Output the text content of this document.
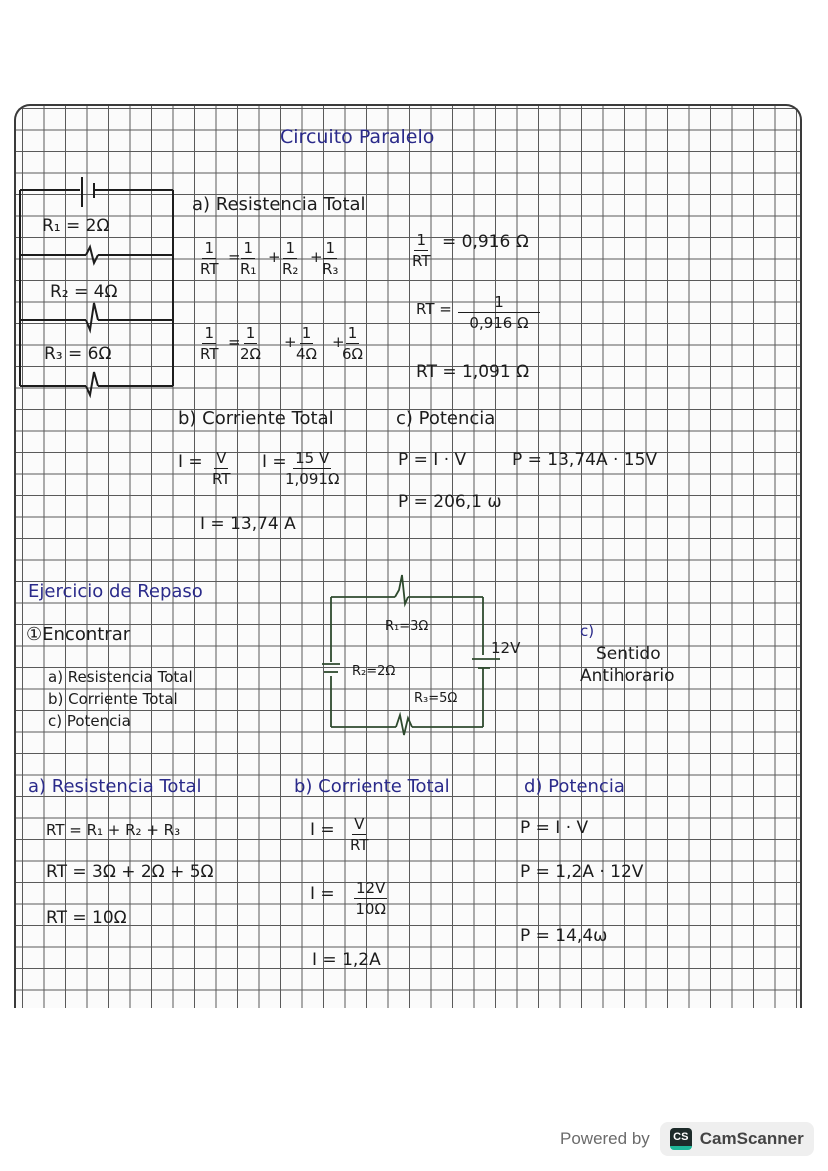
Circuito Paralelo
R₁ = 2Ω
R₂ = 4Ω
R₃ = 6Ω
a) Resistencia Total
$\frac{1}{RT} = \frac{1}{\text{R₁}} + \frac{1}{\text{R₂}} + \frac{1}{\text{R₃}}$
$\frac{1}{RT} = \frac{1}{2\Omega} + \frac{1}{4\Omega}$ +
$\frac{1}{6\Omega}$
$\frac{1}{RT} = 0,916$ Ω
RT = $\frac{1}{0,916 \Omega}$
RT = 1,091 Ω
b) Corriente Total
$I = \frac{V}{RT}$ I =
$\frac{15 V}{1,091\Omega}$
I = 13,74 A
c) Potencia
P = I · V	P = 13,74A · 15V
P = 206,1 ω
Ejercicio de Repaso
①Encontrar
a) Resistencia Total
b) Corriente Total
c) Potencia
R₁=3Ω
R₂=2Ω
R₃=5Ω
12V
c)
Sentido
Antihorario
a) Resistencia Total
RT = R₁ + R₂ + R₃
RT = 3Ω + 2Ω + 5Ω
RT = 10Ω
b) Corriente Total
$I = \frac{V}{RT}$
$I = \frac{12V}{10\Omega}$
I = 1,2A
d) Potencia
P = I · V
P = 1,2A · 12V
P = 14,4ω
Powered by	CS CamScanner
